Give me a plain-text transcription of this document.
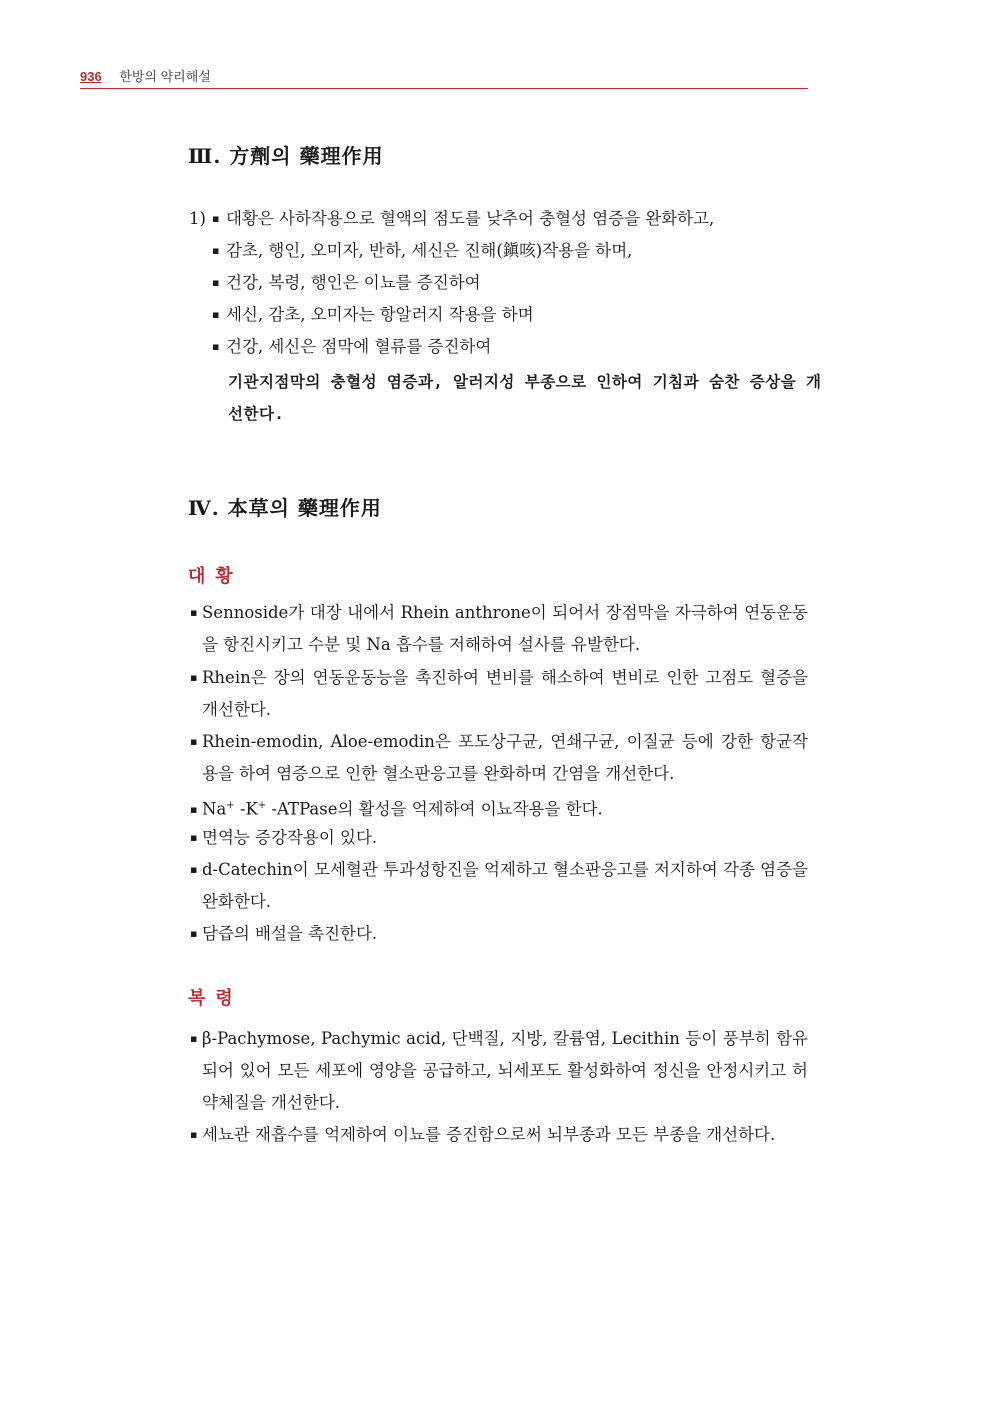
936 한방의 약리해설
Ⅲ. 方劑의 藥理作用
1) ▪ 대황은 사하작용으로 혈액의 점도를 낮추어 충혈성 염증을 완화하고,
▪ 감초, 행인, 오미자, 반하, 세신은 진해(鎭咳)작용을 하며,
▪ 건강, 복령, 행인은 이뇨를 증진하여
▪ 세신, 감초, 오미자는 항알러지 작용을 하며
▪ 건강, 세신은 점막에 혈류를 증진하여
기관지점막의 충혈성 염증과, 알러지성 부종으로 인하여 기침과 숨찬 증상을 개
선한다.
Ⅳ. 本草의 藥理作用
대황
▪ Sennoside가 대장 내에서 Rhein anthrone이 되어서 장점막을 자극하여 연동운동을 항진시키고 수분 및 Na 흡수를 저해하여 설사를 유발한다.
▪ Rhein은 장의 연동운동능을 촉진하여 변비를 해소하여 변비로 인한 고점도 혈증을 개선한다.
▪ Rhein-emodin, Aloe-emodin은 포도상구균, 연쇄구균, 이질균 등에 강한 항균작용을 하여 염증으로 인한 혈소판응고를 완화하며 간염을 개선한다.
▪ Na+ -K+ -ATPase의 활성을 억제하여 이뇨작용을 한다.
▪ 면역능 증강작용이 있다.
▪ d-Catechin이 모세혈관 투과성항진을 억제하고 혈소판응고를 저지하여 각종 염증을 완화한다.
▪ 담즙의 배설을 촉진한다.
복령
▪ β-Pachymose, Pachymic acid, 단백질, 지방, 칼륨염, Lecithin 등이 풍부히 함유되어 있어 모든 세포에 영양을 공급하고, 뇌세포도 활성화하여 정신을 안정시키고 허약체질을 개선한다.
▪ 세뇨관 재흡수를 억제하여 이뇨를 증진함으로써 뇌부종과 모든 부종을 개선하다.
